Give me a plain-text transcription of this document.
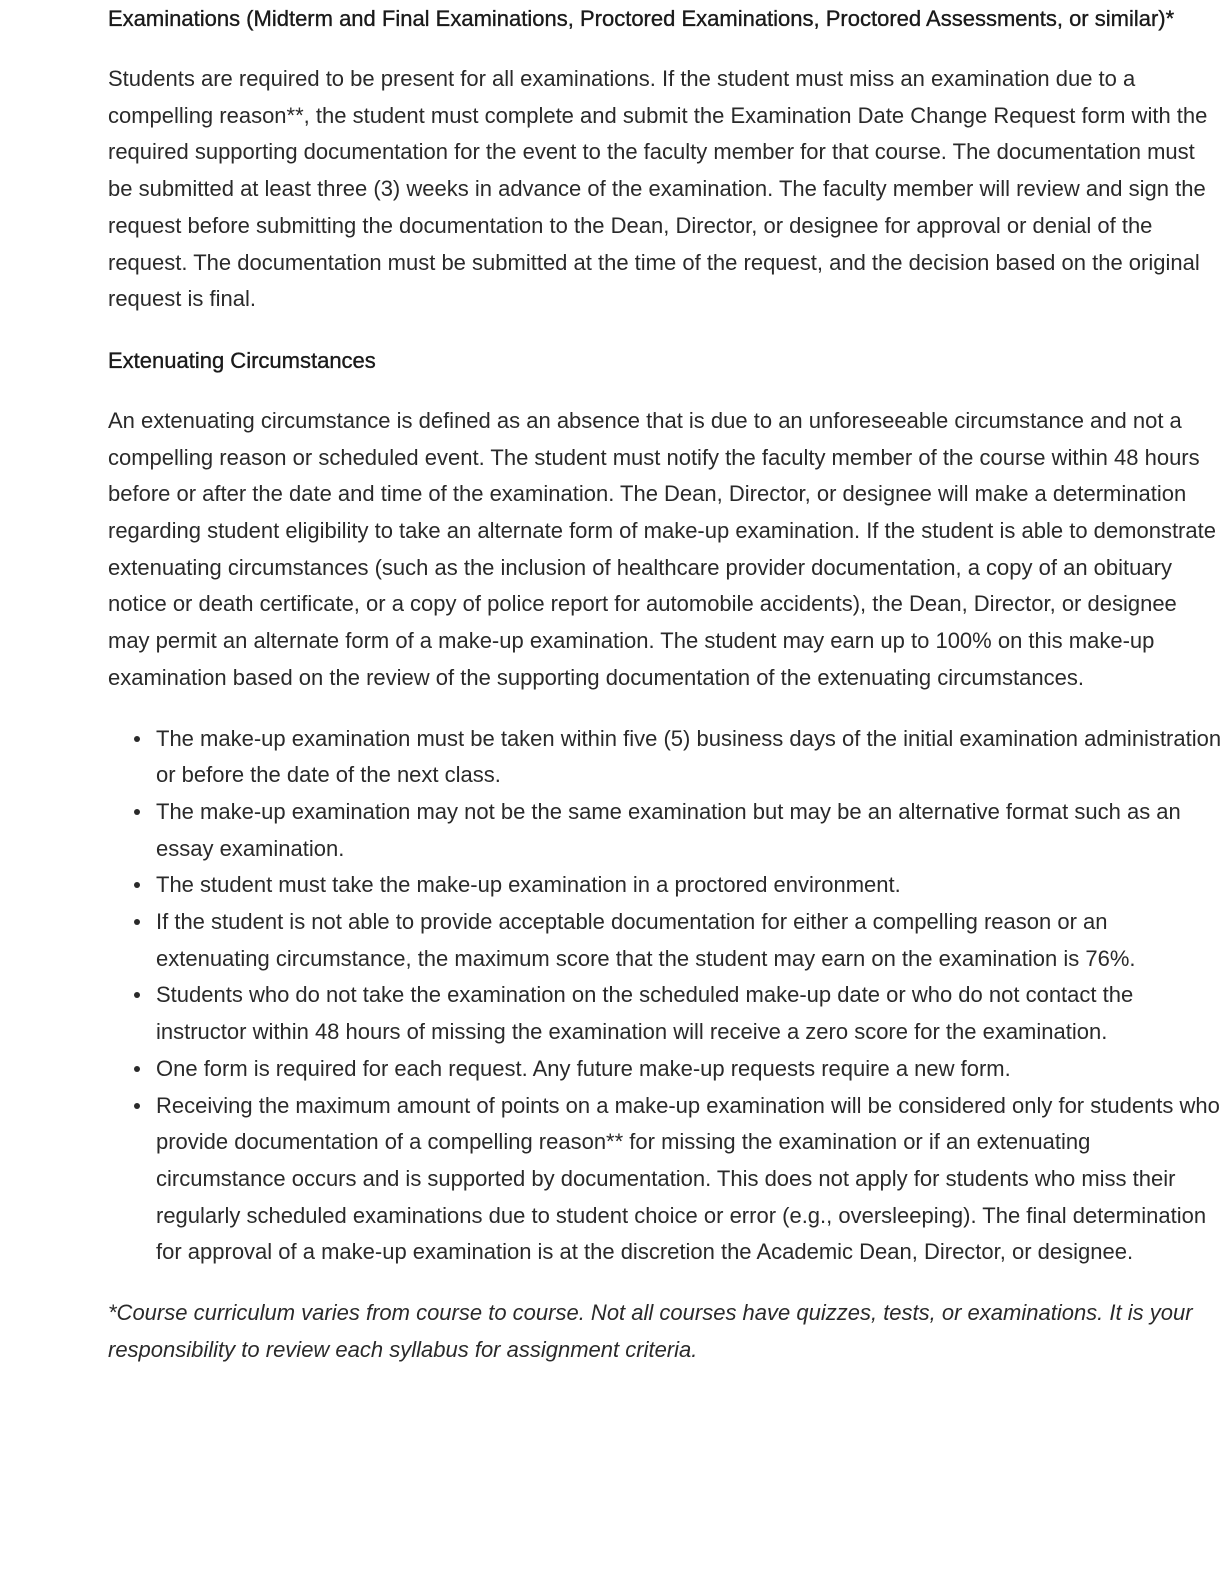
Examinations (Midterm and Final Examinations, Proctored Examinations, Proctored Assessments, or similar)*

Students are required to be present for all examinations. If the student must miss an examination due to a compelling reason**, the student must complete and submit the Examination Date Change Request form with the required supporting documentation for the event to the faculty member for that course. The documentation must be submitted at least three (3) weeks in advance of the examination. The faculty member will review and sign the request before submitting the documentation to the Dean, Director, or designee for approval or denial of the request. The documentation must be submitted at the time of the request, and the decision based on the original request is final.

Extenuating Circumstances

An extenuating circumstance is defined as an absence that is due to an unforeseeable circumstance and not a compelling reason or scheduled event. The student must notify the faculty member of the course within 48 hours before or after the date and time of the examination. The Dean, Director, or designee will make a determination regarding student eligibility to take an alternate form of make-up examination. If the student is able to demonstrate extenuating circumstances (such as the inclusion of healthcare provider documentation, a copy of an obituary notice or death certificate, or a copy of police report for automobile accidents), the Dean, Director, or designee may permit an alternate form of a make-up examination. The student may earn up to 100% on this make-up examination based on the review of the supporting documentation of the extenuating circumstances.

The make-up examination must be taken within five (5) business days of the initial examination administration or before the date of the next class.
The make-up examination may not be the same examination but may be an alternative format such as an essay examination.
The student must take the make-up examination in a proctored environment.
If the student is not able to provide acceptable documentation for either a compelling reason or an extenuating circumstance, the maximum score that the student may earn on the examination is 76%.
Students who do not take the examination on the scheduled make-up date or who do not contact the instructor within 48 hours of missing the examination will receive a zero score for the examination.
One form is required for each request. Any future make-up requests require a new form.
Receiving the maximum amount of points on a make-up examination will be considered only for students who provide documentation of a compelling reason** for missing the examination or if an extenuating circumstance occurs and is supported by documentation. This does not apply for students who miss their regularly scheduled examinations due to student choice or error (e.g., oversleeping). The final determination for approval of a make-up examination is at the discretion the Academic Dean, Director, or designee.

*Course curriculum varies from course to course. Not all courses have quizzes, tests, or examinations. It is your responsibility to review each syllabus for assignment criteria.
